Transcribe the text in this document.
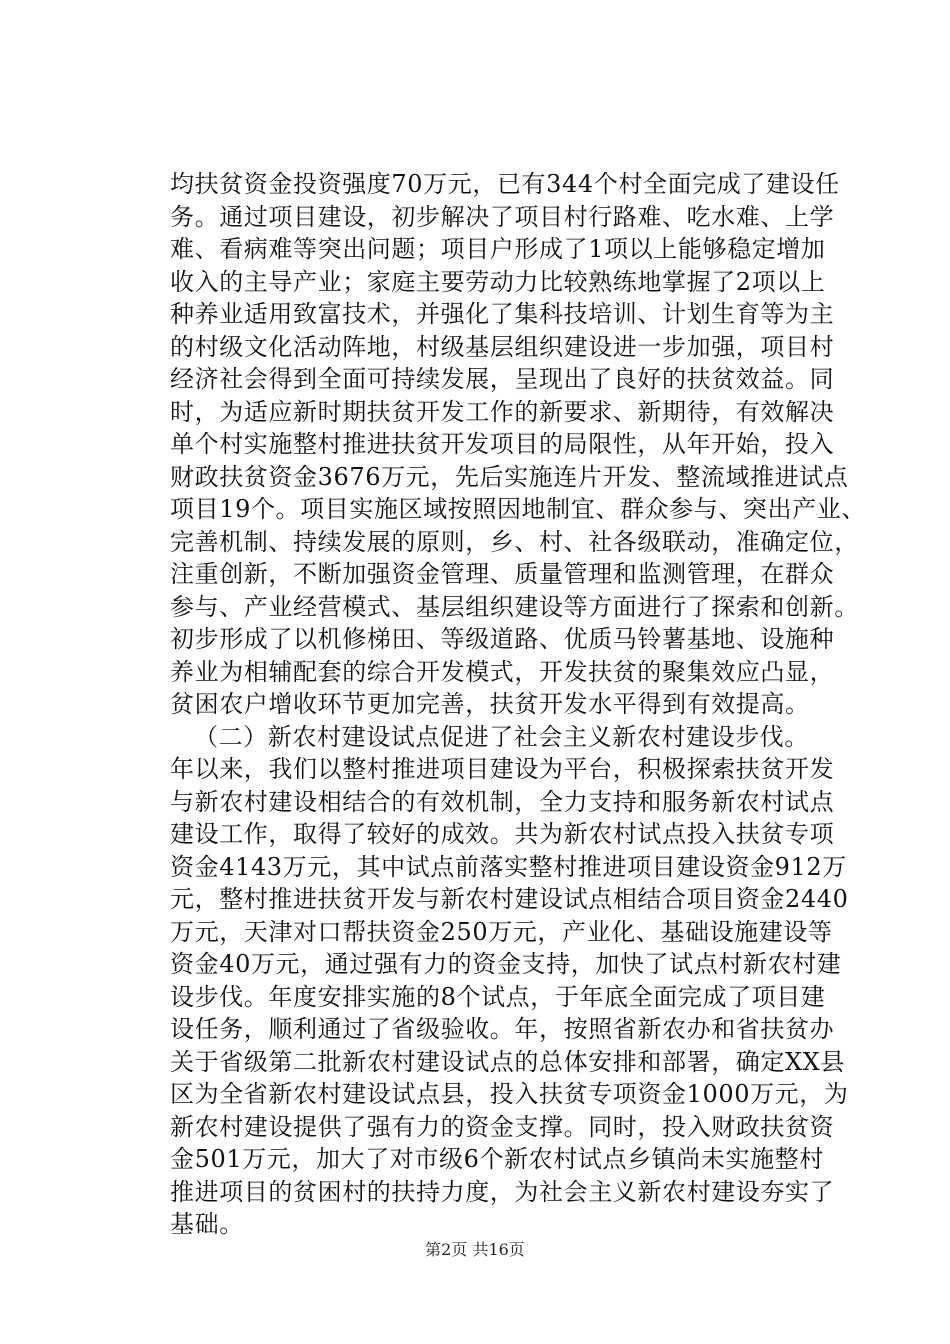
均扶贫资金投资强度70万元，已有344个村全面完成了建设任
务。通过项目建设，初步解决了项目村行路难、吃水难、上学
难、看病难等突出问题；项目户形成了1项以上能够稳定增加
收入的主导产业；家庭主要劳动力比较熟练地掌握了2项以上
种养业适用致富技术，并强化了集科技培训、计划生育等为主
的村级文化活动阵地，村级基层组织建设进一步加强，项目村
经济社会得到全面可持续发展，呈现出了良好的扶贫效益。同
时，为适应新时期扶贫开发工作的新要求、新期待，有效解决
单个村实施整村推进扶贫开发项目的局限性，从年开始，投入
财政扶贫资金3676万元，先后实施连片开发、整流域推进试点
项目19个。项目实施区域按照因地制宜、群众参与、突出产业、
完善机制、持续发展的原则，乡、村、社各级联动，准确定位，
注重创新，不断加强资金管理、质量管理和监测管理，在群众
参与、产业经营模式、基层组织建设等方面进行了探索和创新。
初步形成了以机修梯田、等级道路、优质马铃薯基地、设施种
养业为相辅配套的综合开发模式，开发扶贫的聚集效应凸显，
贫困农户增收环节更加完善，扶贫开发水平得到有效提高。
（二）新农村建设试点促进了社会主义新农村建设步伐。
年以来，我们以整村推进项目建设为平台，积极探索扶贫开发
与新农村建设相结合的有效机制，全力支持和服务新农村试点
建设工作，取得了较好的成效。共为新农村试点投入扶贫专项
资金4143万元，其中试点前落实整村推进项目建设资金912万
元，整村推进扶贫开发与新农村建设试点相结合项目资金2440
万元，天津对口帮扶资金250万元，产业化、基础设施建设等
资金40万元，通过强有力的资金支持，加快了试点村新农村建
设步伐。年度安排实施的8个试点，于年底全面完成了项目建
设任务，顺利通过了省级验收。年，按照省新农办和省扶贫办
关于省级第二批新农村建设试点的总体安排和部署，确定XX县
区为全省新农村建设试点县，投入扶贫专项资金1000万元，为
新农村建设提供了强有力的资金支撑。同时，投入财政扶贫资
金501万元，加大了对市级6个新农村试点乡镇尚未实施整村
推进项目的贫困村的扶持力度，为社会主义新农村建设夯实了
基础。
第2页 共16页
